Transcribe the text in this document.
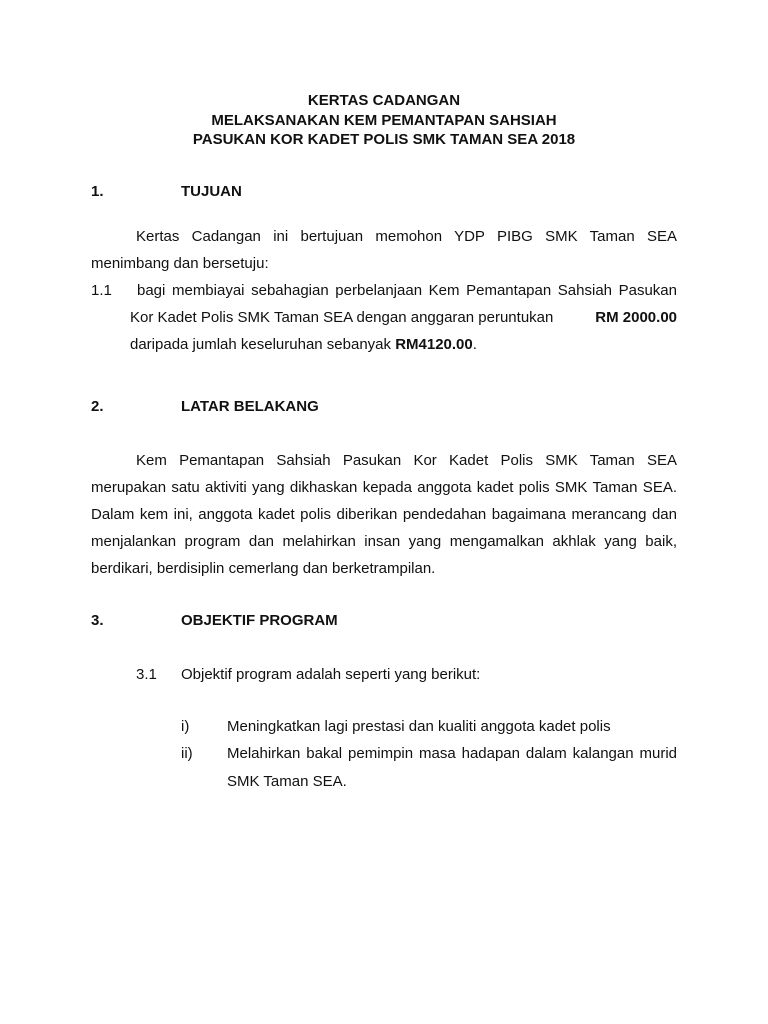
KERTAS CADANGAN
MELAKSANAKAN KEM PEMANTAPAN SAHSIAH
PASUKAN KOR KADET POLIS SMK TAMAN SEA 2018
1.	TUJUAN
Kertas Cadangan ini bertujuan memohon YDP PIBG SMK Taman SEA
menimbang dan bersetuju:
1.1 bagi membiayai sebahagian perbelanjaan Kem Pemantapan Sahsiah Pasukan
Kor Kadet Polis SMK Taman SEA dengan anggaran peruntukan	RM 2000.00
daripada jumlah keseluruhan sebanyak RM4120.00.
2.	LATAR BELAKANG
Kem Pemantapan Sahsiah Pasukan Kor Kadet Polis SMK Taman SEA
merupakan satu aktiviti yang dikhaskan kepada anggota kadet polis SMK Taman SEA.
Dalam kem ini, anggota kadet polis diberikan pendedahan bagaimana merancang dan
menjalankan program dan melahirkan insan yang mengamalkan akhlak yang baik,
berdikari, berdisiplin cemerlang dan berketrampilan.
3.	OBJEKTIF PROGRAM
3.1 Objektif program adalah seperti yang berikut:
i)	Meningkatkan lagi prestasi dan kualiti anggota kadet polis
ii) Melahirkan bakal pemimpin masa hadapan dalam kalangan murid
SMK Taman SEA.
